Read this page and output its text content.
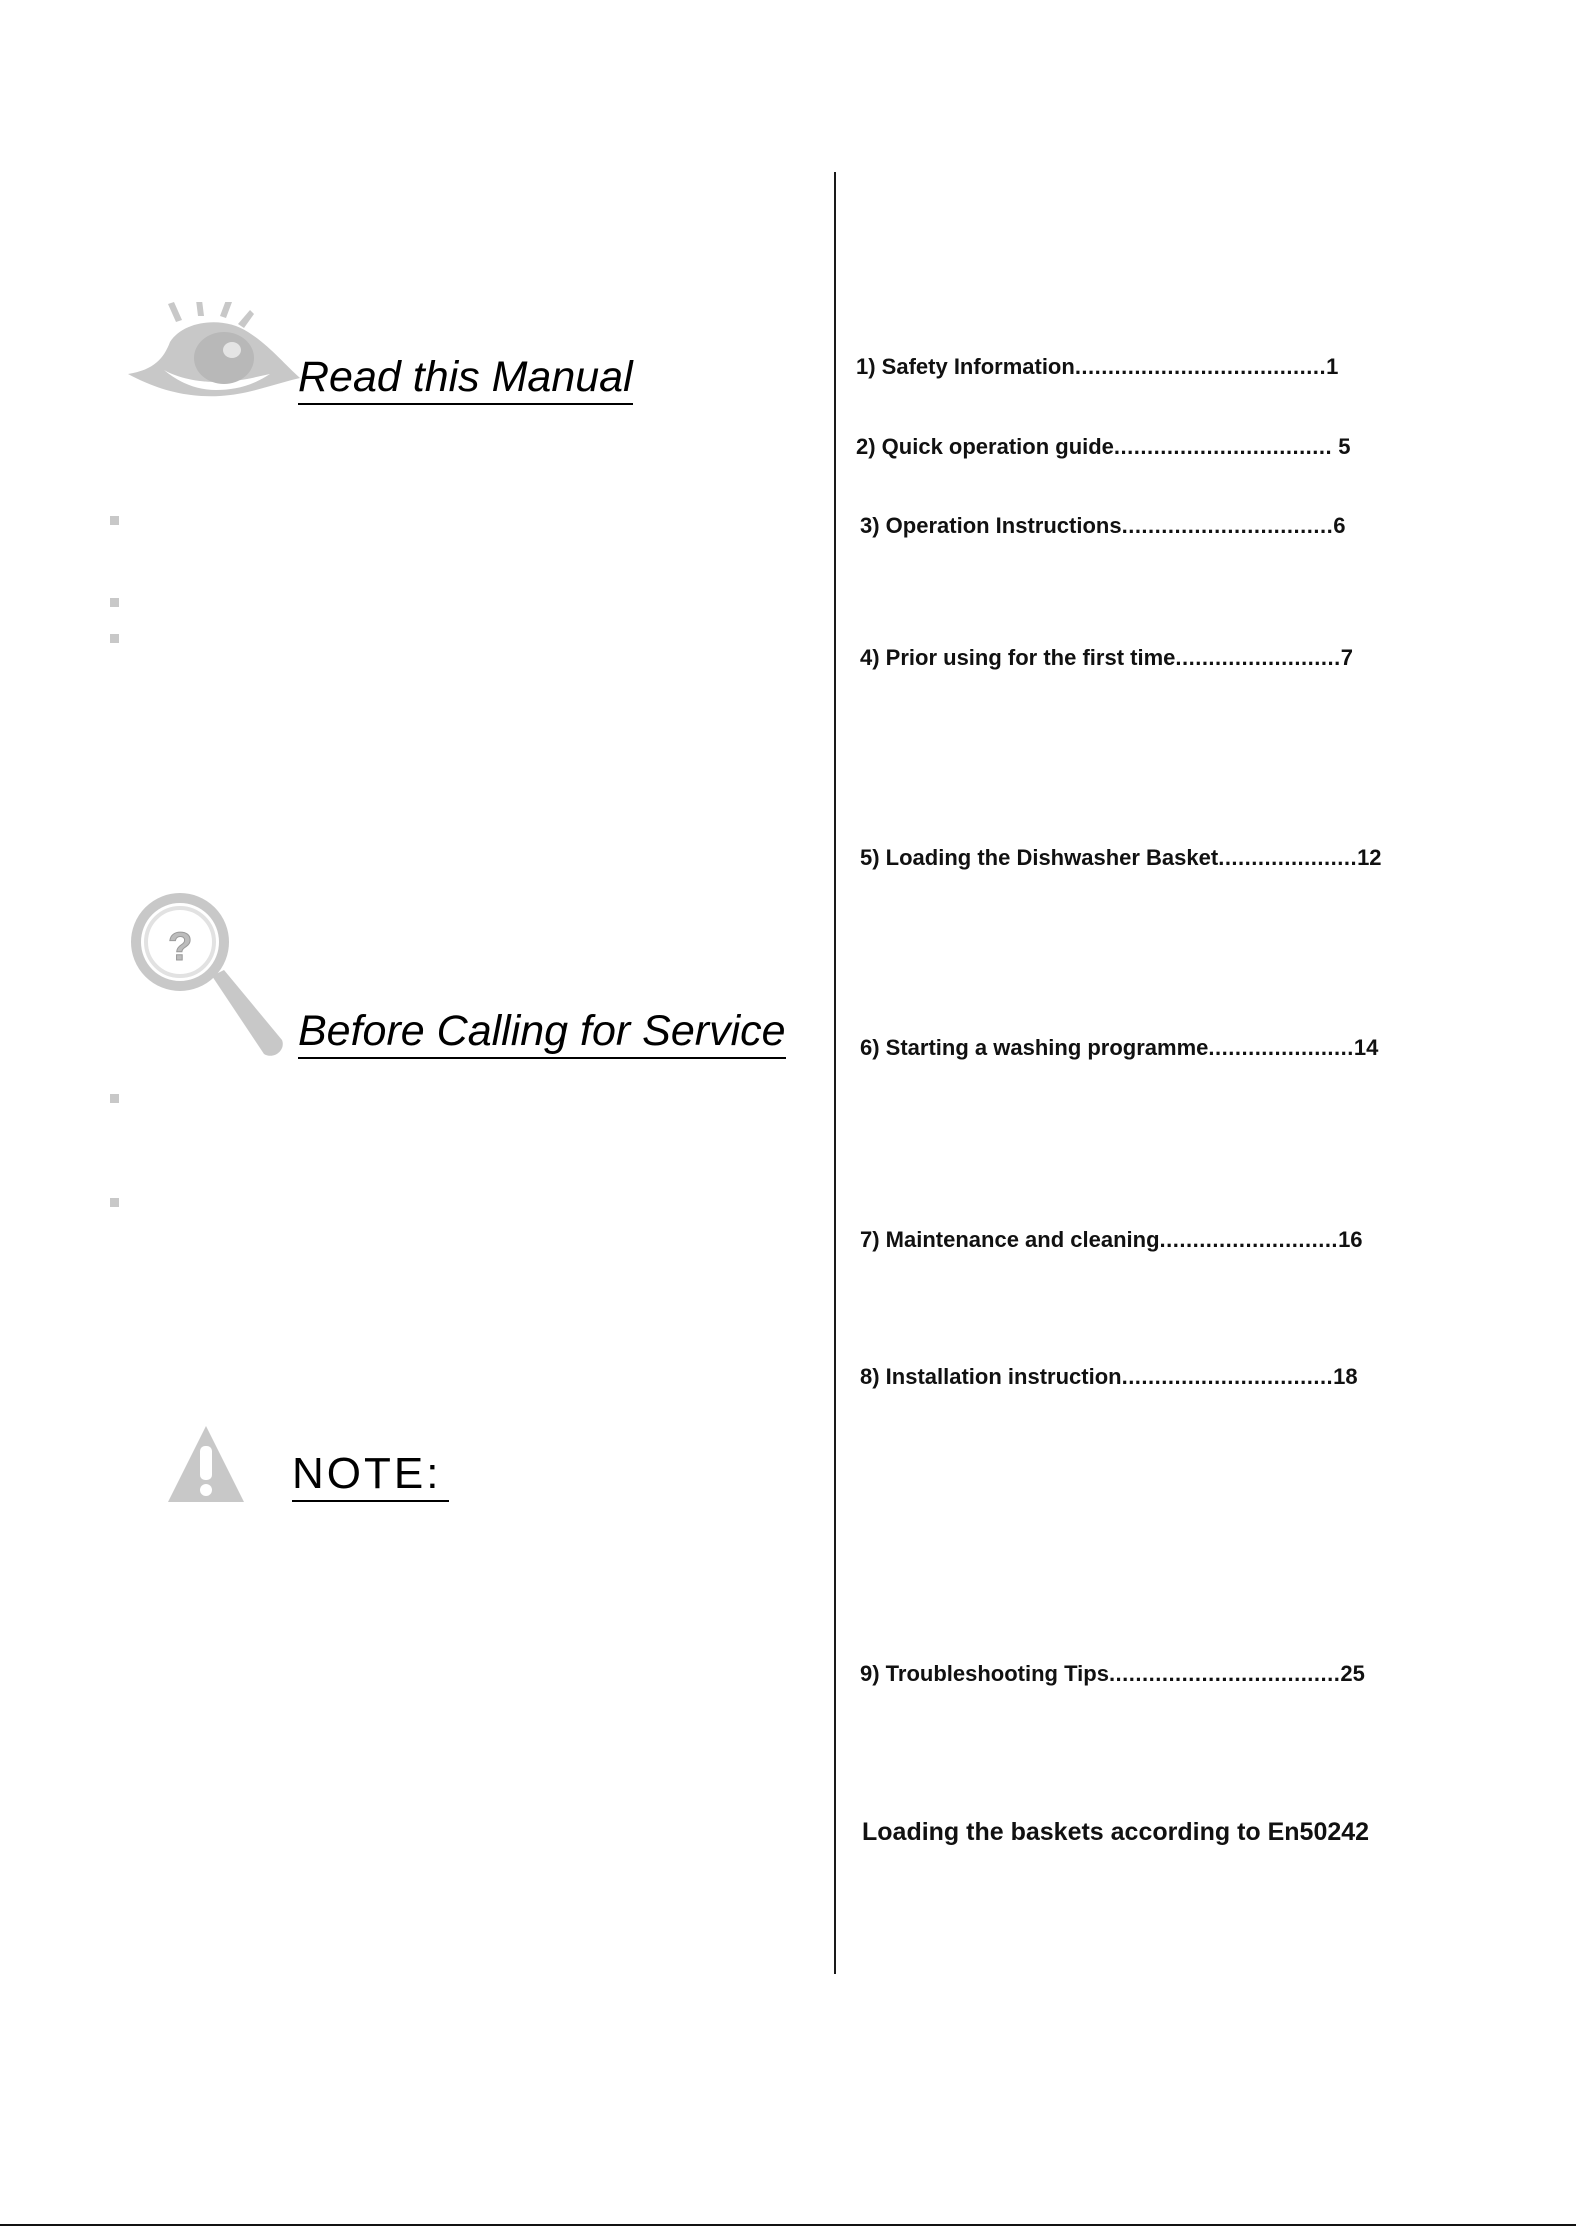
Read this Manual
?
Before Calling for Service
NOTE:
1) Safety Information......................................1
2) Quick operation guide................................. 5
3) Operation Instructions................................6
4) Prior using for the first time.........................7
5) Loading the Dishwasher Basket.....................12
6) Starting a washing programme......................14
7) Maintenance and cleaning...........................16
8) Installation instruction................................18
9) Troubleshooting Tips...................................25
Loading the baskets according to En50242
